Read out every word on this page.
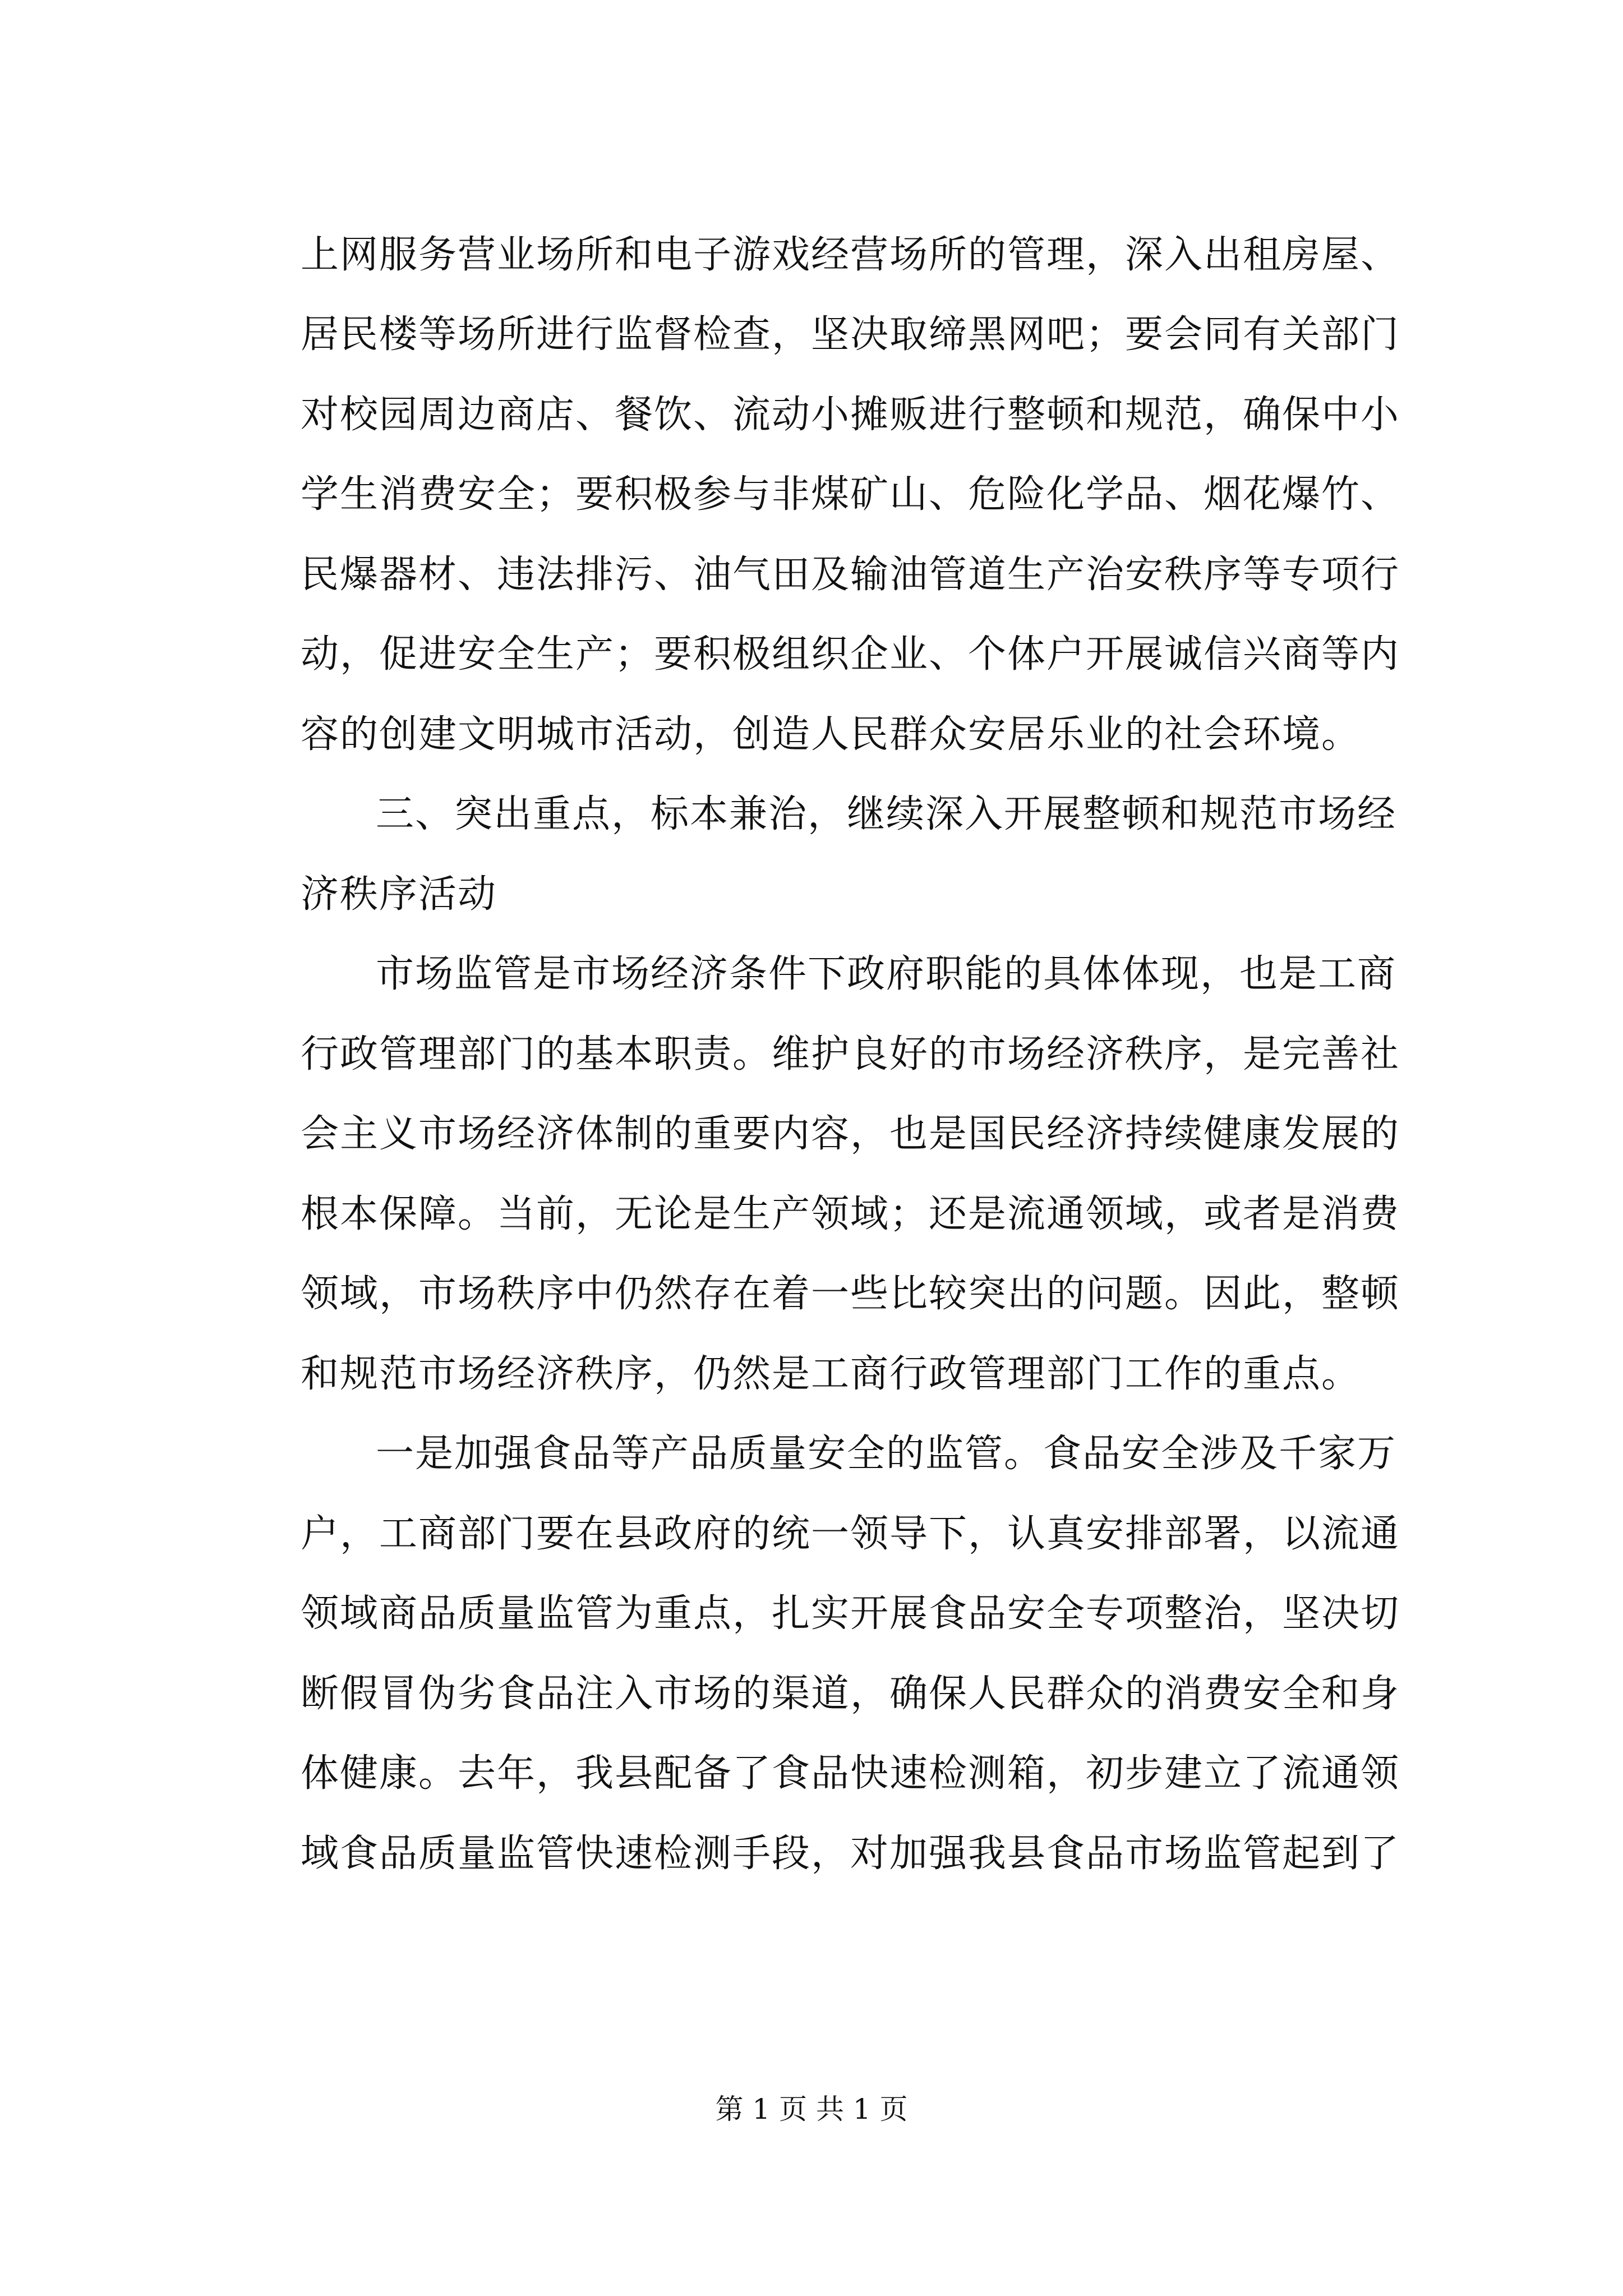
上网服务营业场所和电子游戏经营场所的管理，深入出租房屋、
居民楼等场所进行监督检查，坚决取缔黑网吧；要会同有关部门
对校园周边商店、餐饮、流动小摊贩进行整顿和规范，确保中小
学生消费安全；要积极参与非煤矿山、危险化学品、烟花爆竹、
民爆器材、违法排污、油气田及输油管道生产治安秩序等专项行
动，促进安全生产；要积极组织企业、个体户开展诚信兴商等内
容的创建文明城市活动，创造人民群众安居乐业的社会环境。
三、突出重点，标本兼治，继续深入开展整顿和规范市场经
济秩序活动
市场监管是市场经济条件下政府职能的具体体现，也是工商
行政管理部门的基本职责。维护良好的市场经济秩序，是完善社
会主义市场经济体制的重要内容，也是国民经济持续健康发展的
根本保障。当前，无论是生产领域；还是流通领域，或者是消费
领域，市场秩序中仍然存在着一些比较突出的问题。因此，整顿
和规范市场经济秩序，仍然是工商行政管理部门工作的重点。
一是加强食品等产品质量安全的监管。食品安全涉及千家万
户，工商部门要在县政府的统一领导下，认真安排部署，以流通
领域商品质量监管为重点，扎实开展食品安全专项整治，坚决切
断假冒伪劣食品注入市场的渠道，确保人民群众的消费安全和身
体健康。去年，我县配备了食品快速检测箱，初步建立了流通领
域食品质量监管快速检测手段，对加强我县食品市场监管起到了
第 1 页 共 1 页
